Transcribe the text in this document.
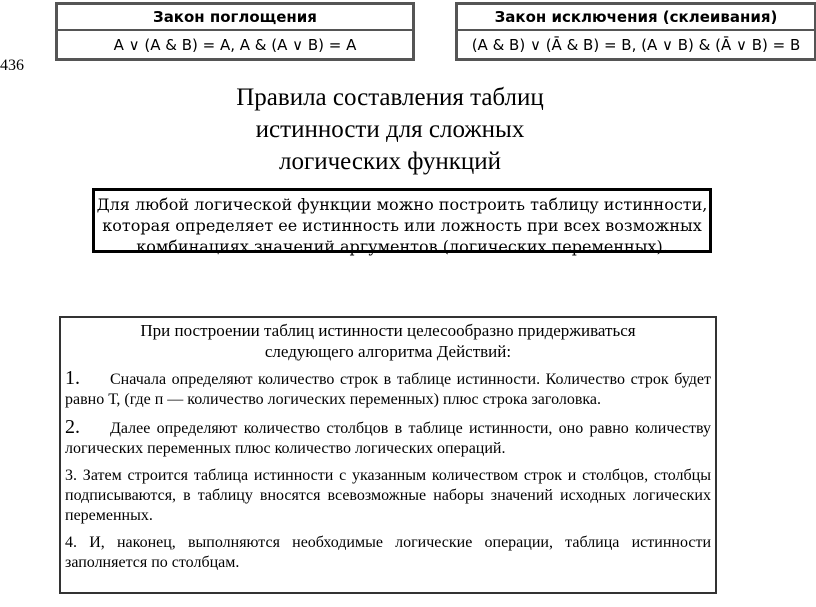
Закон поглощения
A ∨ (A & B) = A, A & (A ∨ B) = A
Закон исключения (склеивания)
(A & B) ∨ (Ā & B) = B, (A ∨ B) & (Ā ∨ B) = B
436
Правила составления таблиц
истинности для сложных
логических функций
Для любой логической функции можно построить таблицу истинности,
которая определяет ее истинность или ложность при всех возможных
комбинациях значений аргументов (логических переменных).
При построении таблиц истинности целесообразно придерживаться
следующего алгоритма Действий:
1. Сначала определяют количество строк в таблице истинности. Количество строк будет равно Т, (где п — количество логических переменных) плюс строка заголовка.
2. Далее определяют количество столбцов в таблице истинности, оно равно количеству логических переменных плюс количество логических операций.
3. Затем строится таблица истинности с указанным количеством строк и столбцов, столбцы подписываются, в таблицу вносятся всевозможные наборы значений исходных логических переменных.
4. И, наконец, выполняются необходимые логические операции, таблица истинности заполняется по столбцам.
